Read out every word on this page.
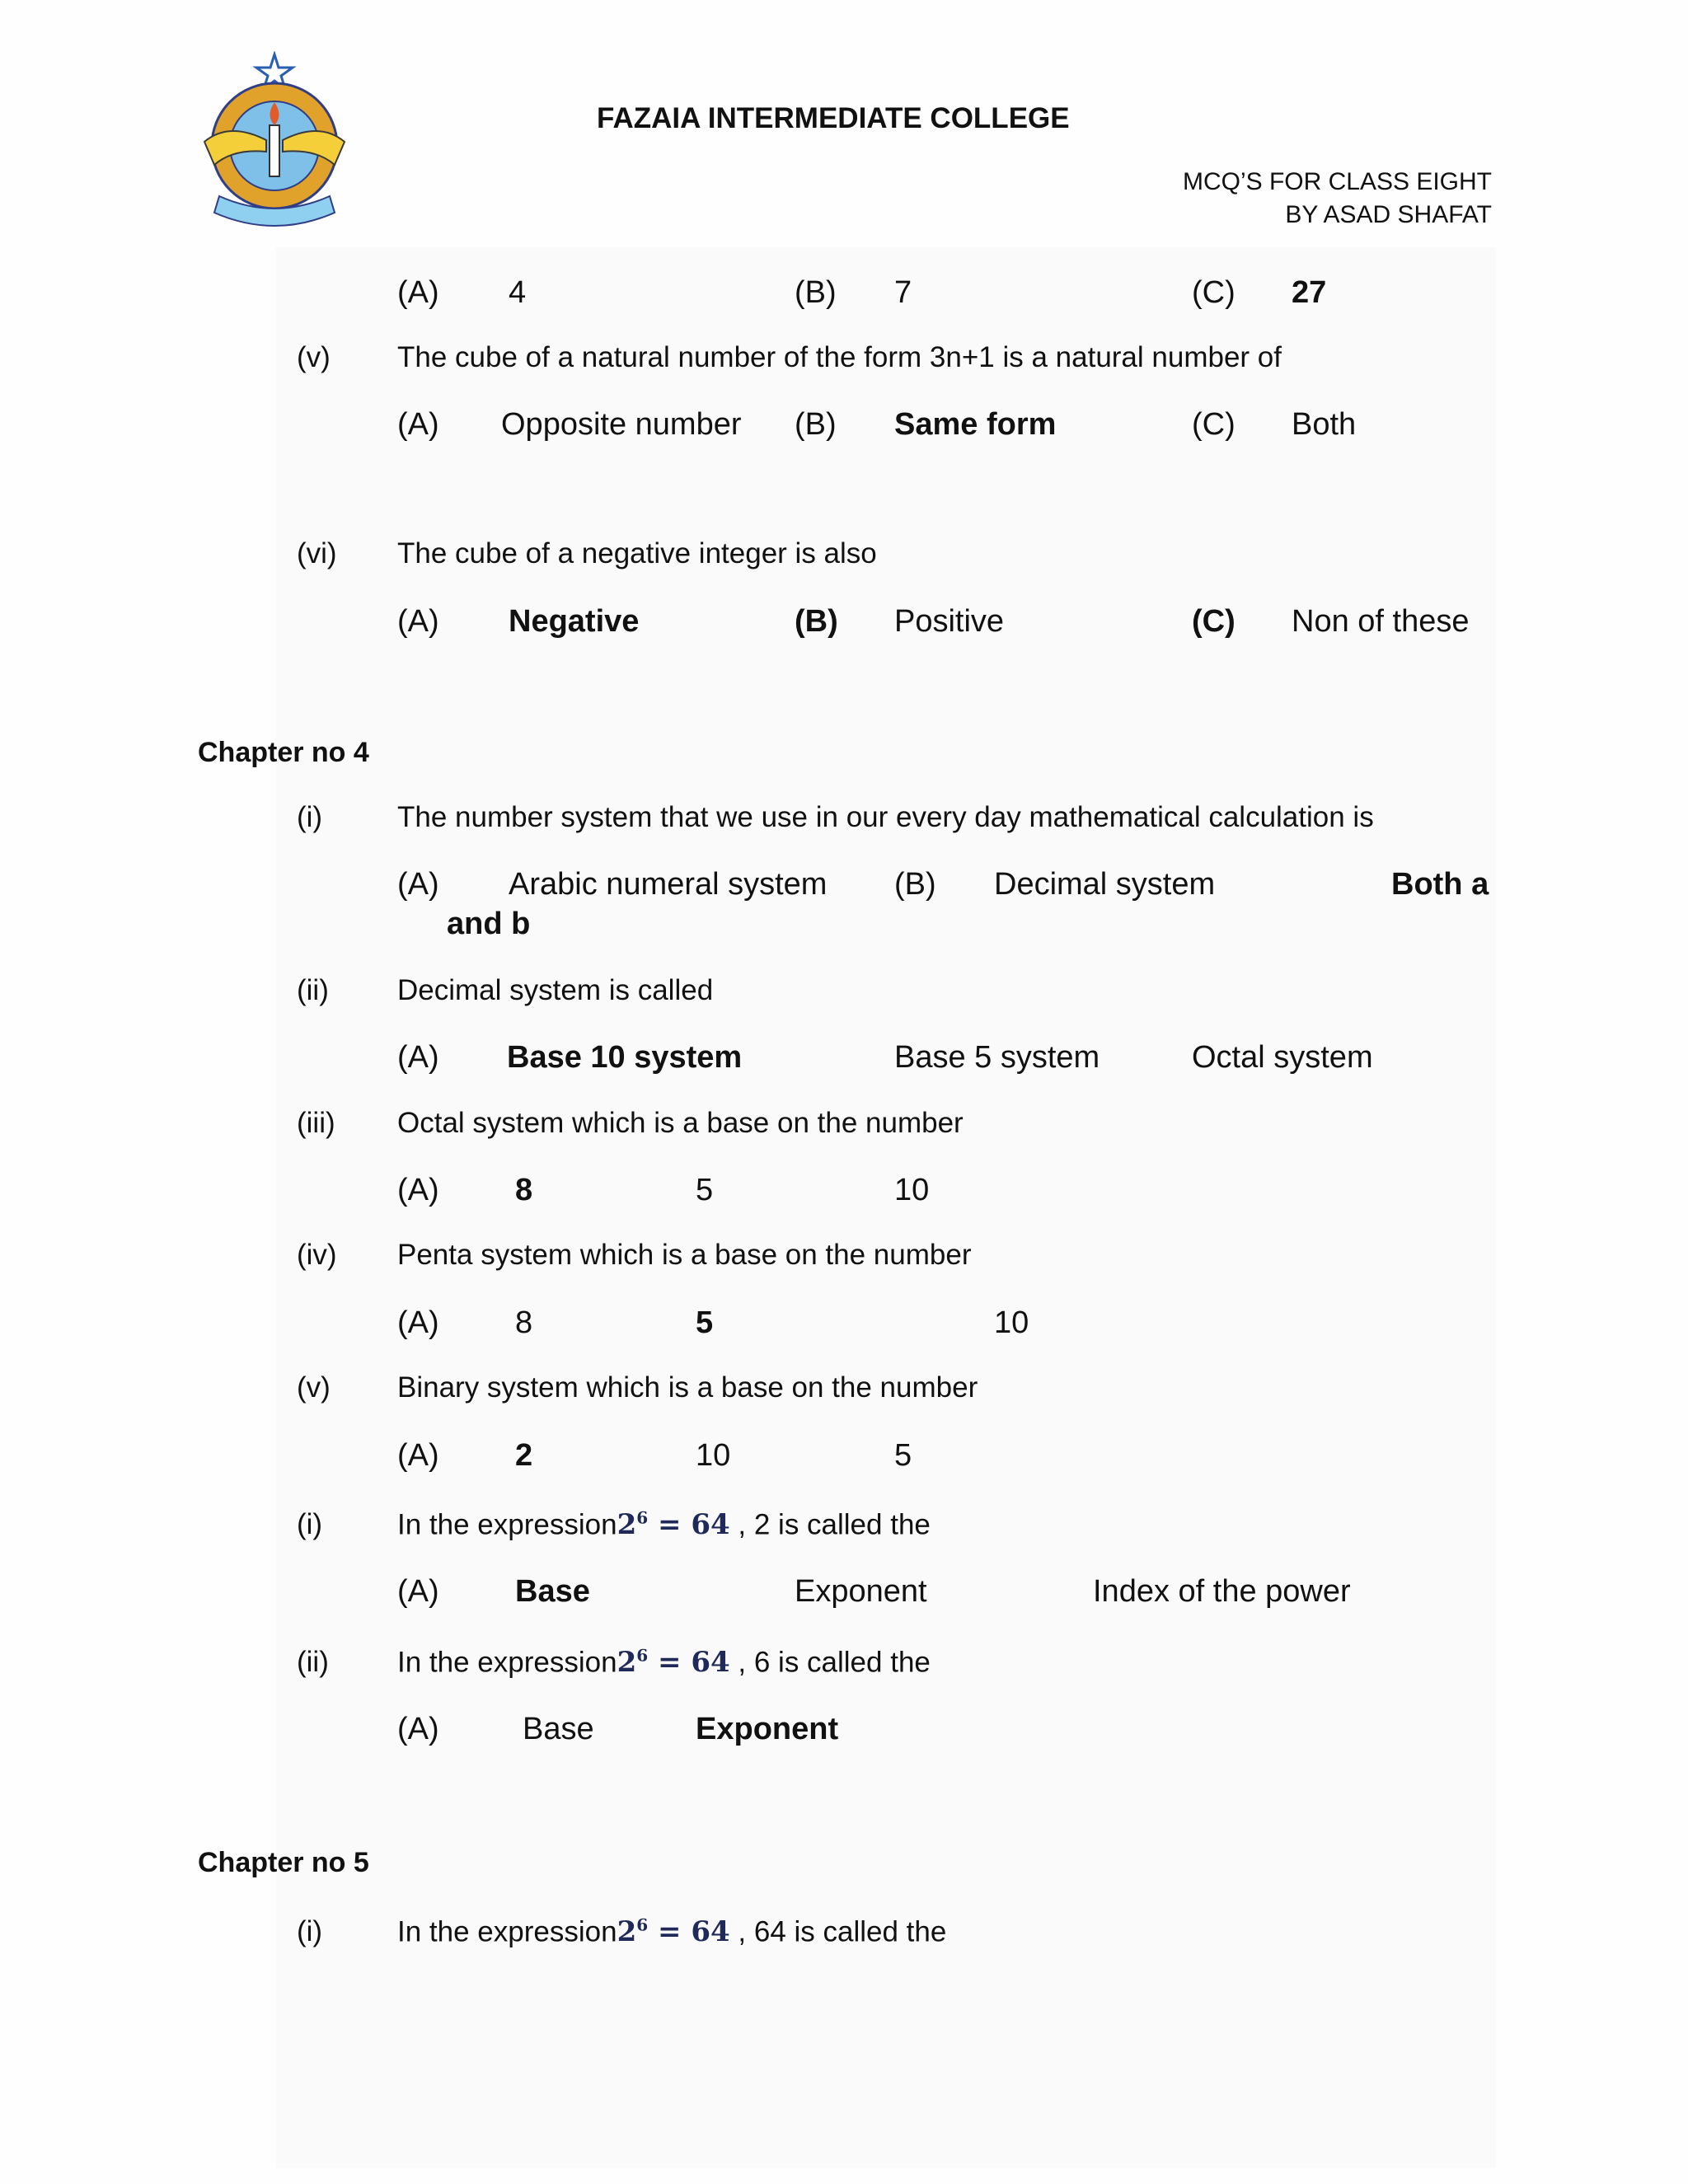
FAZAIA INTERMEDIATE COLLEGE
MCQ’S FOR CLASS EIGHT
BY ASAD SHAFAT
(A) 4	(B) 7	(C) 27
(v) The cube of a natural number of the form 3n+1 is a natural number of
(A) Opposite number (B) Same form	(C) Both
(vi) The cube of a negative integer is also
(A) Negative	(B) Positive	(C) Non of these
Chapter no 4
(i)	The number system that we use in our every day mathematical calculation is
(A) Arabic numeral system (B) Decimal system	Both a
and b
(ii) Decimal system is called
(A) Base 10 system	Base 5 system	Octal system
(iii) Octal system which is a base on the number
(A) 8	5	10
(iv) Penta system which is a base on the number
(A) 8	5	10
(v) Binary system which is a base on the number
(A) 2	10	5
(i)	In the $expression2^6 = 64$ , 2 is called the
(A) Base	Exponent	Index of the power
(ii) In the $expression2^6 = 64$ , 6 is called the
(A)	Base	Exponent
Chapter no 5
(i)	In the $expression2^6 = 64$ , 64 is called the
